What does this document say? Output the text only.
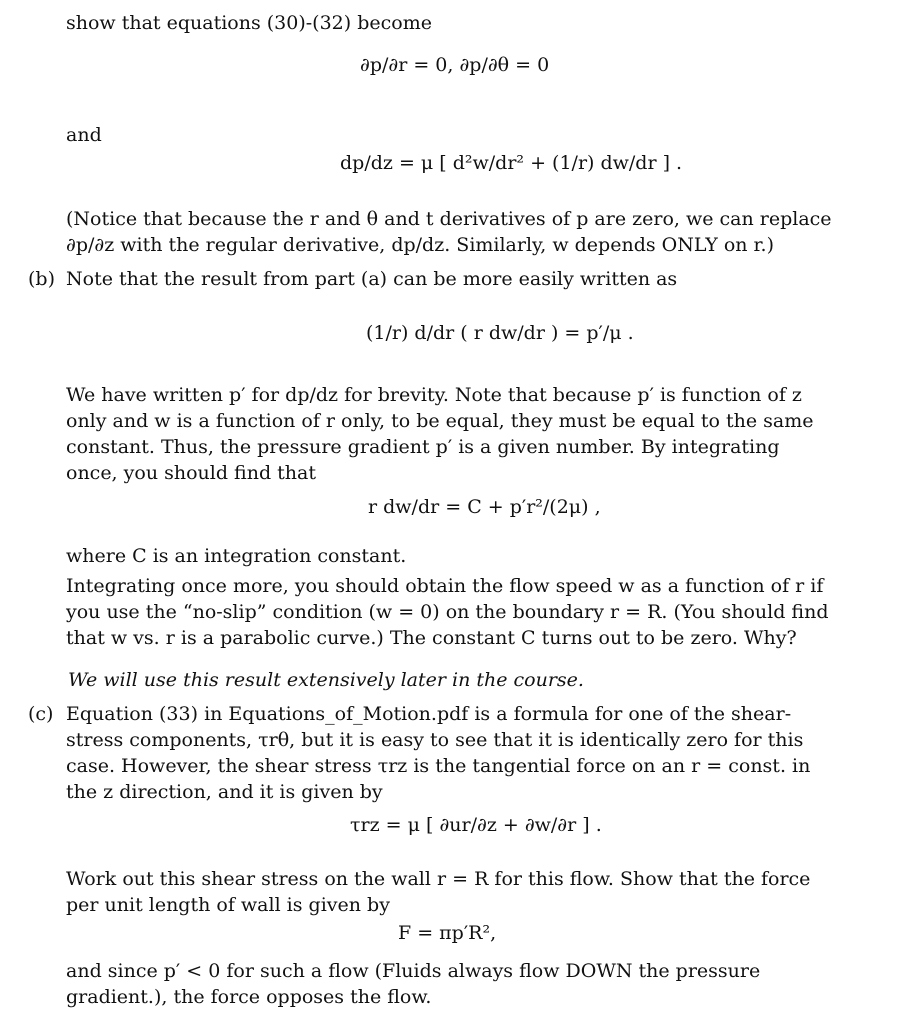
show that equations (30)-(32) become
∂p/∂r = 0, ∂p/∂θ = 0
and
dp/dz = μ [ d²w/dr² + (1/r) dw/dr ] .
(Notice that because the r and θ and t derivatives of p are zero, we can replace ∂p/∂z with the regular derivative, dp/dz. Similarly, w depends ONLY on r.)
(b) Note that the result from part (a) can be more easily written as
(1/r) d/dr ( r dw/dr ) = p′/μ .
We have written p′ for dp/dz for brevity. Note that because p′ is function of z only and w is a function of r only, to be equal, they must be equal to the same constant. Thus, the pressure gradient p′ is a given number. By integrating once, you should find that
r dw/dr = C + p′r²/(2μ) ,
where C is an integration constant.
Integrating once more, you should obtain the flow speed w as a function of r if you use the “no-slip” condition (w = 0) on the boundary r = R. (You should find that w vs. r is a parabolic curve.) The constant C turns out to be zero. Why?
We will use this result extensively later in the course.
(c) Equation (33) in Equations_of_Motion.pdf is a formula for one of the shear-stress components, τrθ, but it is easy to see that it is identically zero for this case. However, the shear stress τrz is the tangential force on an r = const. in the z direction, and it is given by
τrz = μ [ ∂ur/∂z + ∂w/∂r ] .
Work out this shear stress on the wall r = R for this flow. Show that the force per unit length of wall is given by
F = πp′R²,
and since p′ < 0 for such a flow (Fluids always flow DOWN the pressure gradient.), the force opposes the flow.
